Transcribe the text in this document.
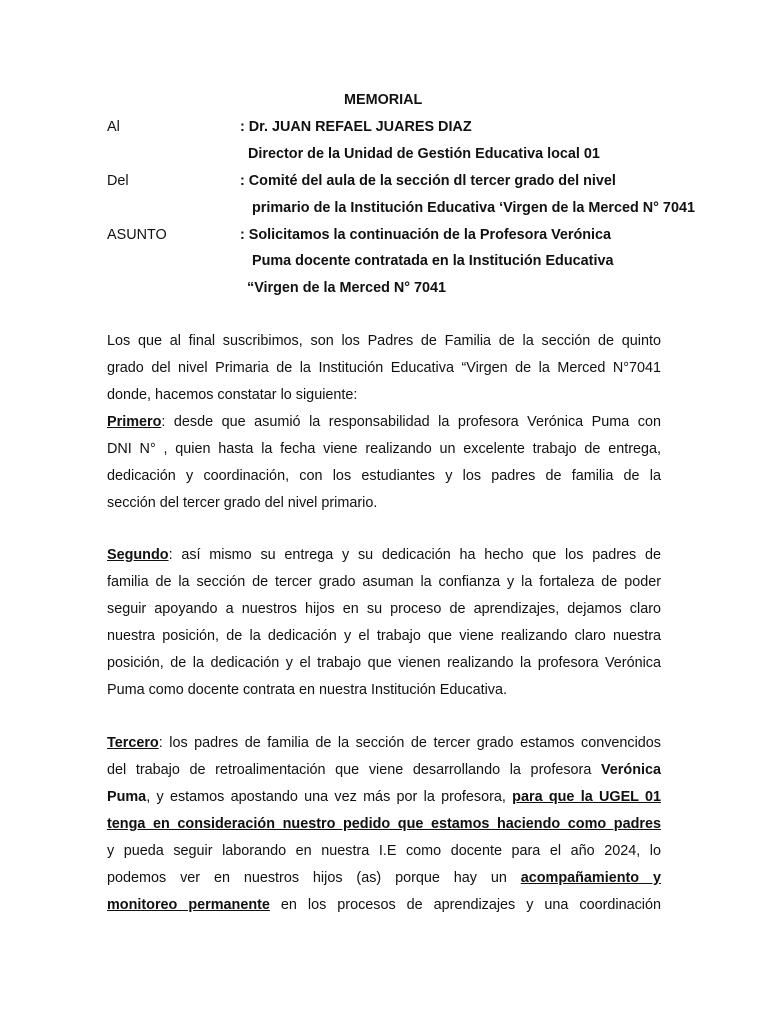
MEMORIAL
Al	: Dr. JUAN REFAEL JUARES DIAZ
Director de la Unidad de Gestión Educativa local 01
Del	: Comité del aula de la sección dl tercer grado del nivel
primario de la Institución Educativa ‘Virgen de la Merced N° 7041
ASUNTO	: Solicitamos la continuación de la Profesora Verónica
Puma docente contratada en la Institución Educativa
“Virgen de la Merced N° 7041
Los que al final suscribimos, son los Padres de Familia de la sección de quinto
grado del nivel Primaria de la Institución Educativa “Virgen de la Merced N°7041
donde, hacemos constatar lo siguiente:
Primero: desde que asumió la responsabilidad la profesora Verónica Puma con
DNI N° , quien hasta la fecha viene realizando un excelente trabajo de entrega,
dedicación y coordinación, con los estudiantes y los padres de familia de la
sección del tercer grado del nivel primario.
Segundo: así mismo su entrega y su dedicación ha hecho que los padres de
familia de la sección de tercer grado asuman la confianza y la fortaleza de poder
seguir apoyando a nuestros hijos en su proceso de aprendizajes, dejamos claro
nuestra posición, de la dedicación y el trabajo que viene realizando claro nuestra
posición, de la dedicación y el trabajo que vienen realizando la profesora Verónica
Puma como docente contrata en nuestra Institución Educativa.
Tercero: los padres de familia de la sección de tercer grado estamos convencidos
del trabajo de retroalimentación que viene desarrollando la profesora Verónica
Puma, y estamos apostando una vez más por la profesora, para que la UGEL 01
tenga en consideración nuestro pedido que estamos haciendo como padres
y pueda seguir laborando en nuestra I.E como docente para el año 2024, lo
podemos ver en nuestros hijos (as) porque hay un acompañamiento y
monitoreo permanente en los procesos de aprendizajes y una coordinación
